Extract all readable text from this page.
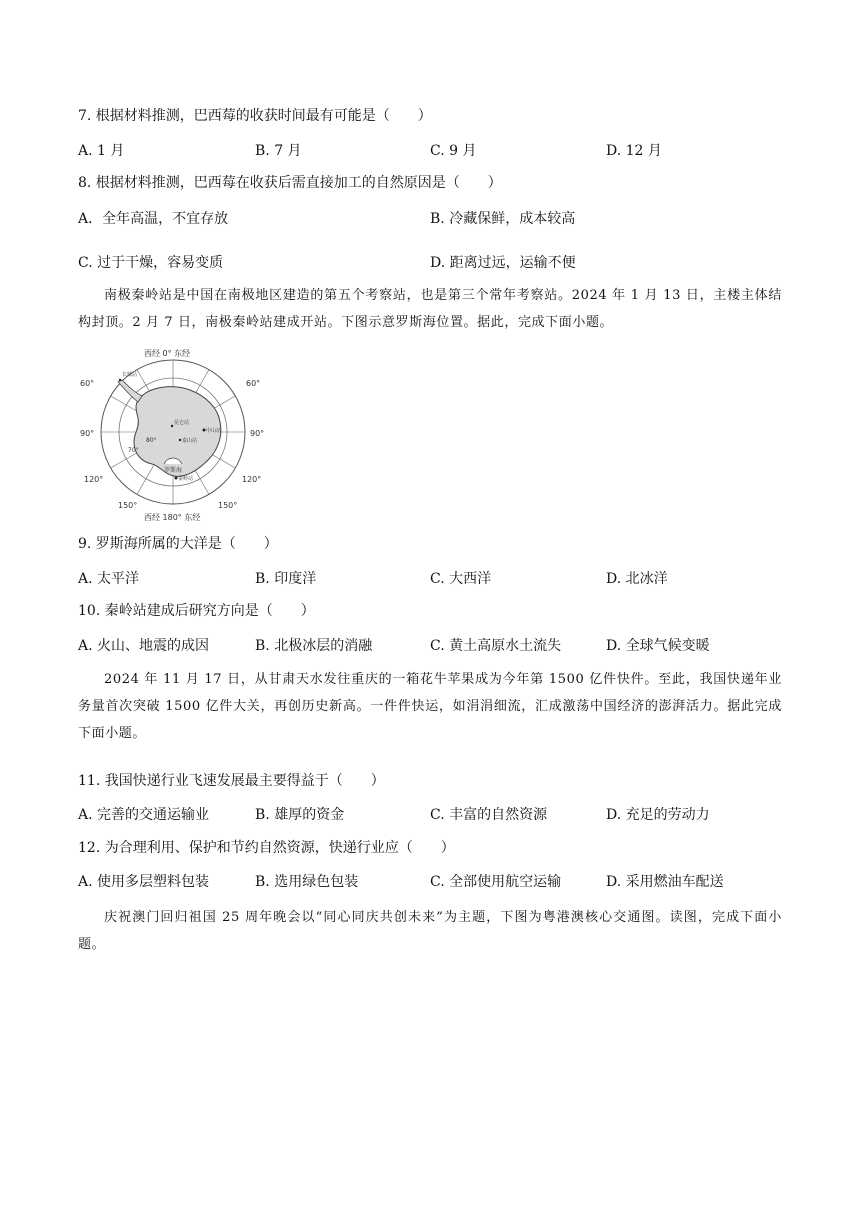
7. 根据材料推测，巴西莓的收获时间最有可能是（　　）
A. 1 月	B. 7 月	C. 9 月	D. 12 月
8. 根据材料推测，巴西莓在收获后需直接加工的自然原因是（　　）
A．全年高温，不宜存放	B. 冷藏保鲜，成本较高
C. 过于干燥，容易变质	D. 距离过远，运输不便
南极秦岭站是中国在南极地区建造的第五个考察站，也是第三个常年考察站。2024 年 1 月 13 日，主楼主体结构封顶。2 月 7 日，南极秦岭站建成开站。下图示意罗斯海位置。据此，完成下面小题。
西经 0° 东经
西经 180° 东经
60°	60°
90°	90°
120°	120°
150°	150°
80°
70°
罗斯海
中山站
秦岭站
长城站
昆仑站
泰山站
9. 罗斯海所属的大洋是（　　）
A. 太平洋	B. 印度洋	C. 大西洋	D. 北冰洋
10. 秦岭站建成后研究方向是（　　）
A. 火山、地震的成因	B. 北极冰层的消融	C. 黄土高原水土流失	D. 全球气候变暖
2024 年 11 月 17 日，从甘肃天水发往重庆的一箱花牛苹果成为今年第 1500 亿件快件。至此，我国快递年业务量首次突破 1500 亿件大关，再创历史新高。一件件快运，如涓涓细流，汇成激荡中国经济的澎湃活力。据此完成下面小题。
11. 我国快递行业飞速发展最主要得益于（　　）
A. 完善的交通运输业	B. 雄厚的资金	C. 丰富的自然资源	D. 充足的劳动力
12. 为合理利用、保护和节约自然资源，快递行业应（　　）
A. 使用多层塑料包装	B. 选用绿色包装	C. 全部使用航空运输	D. 采用燃油车配送
庆祝澳门回归祖国 25 周年晚会以“同心同庆共创未来”为主题，下图为粤港澳核心交通图。读图，完成下面小题。
